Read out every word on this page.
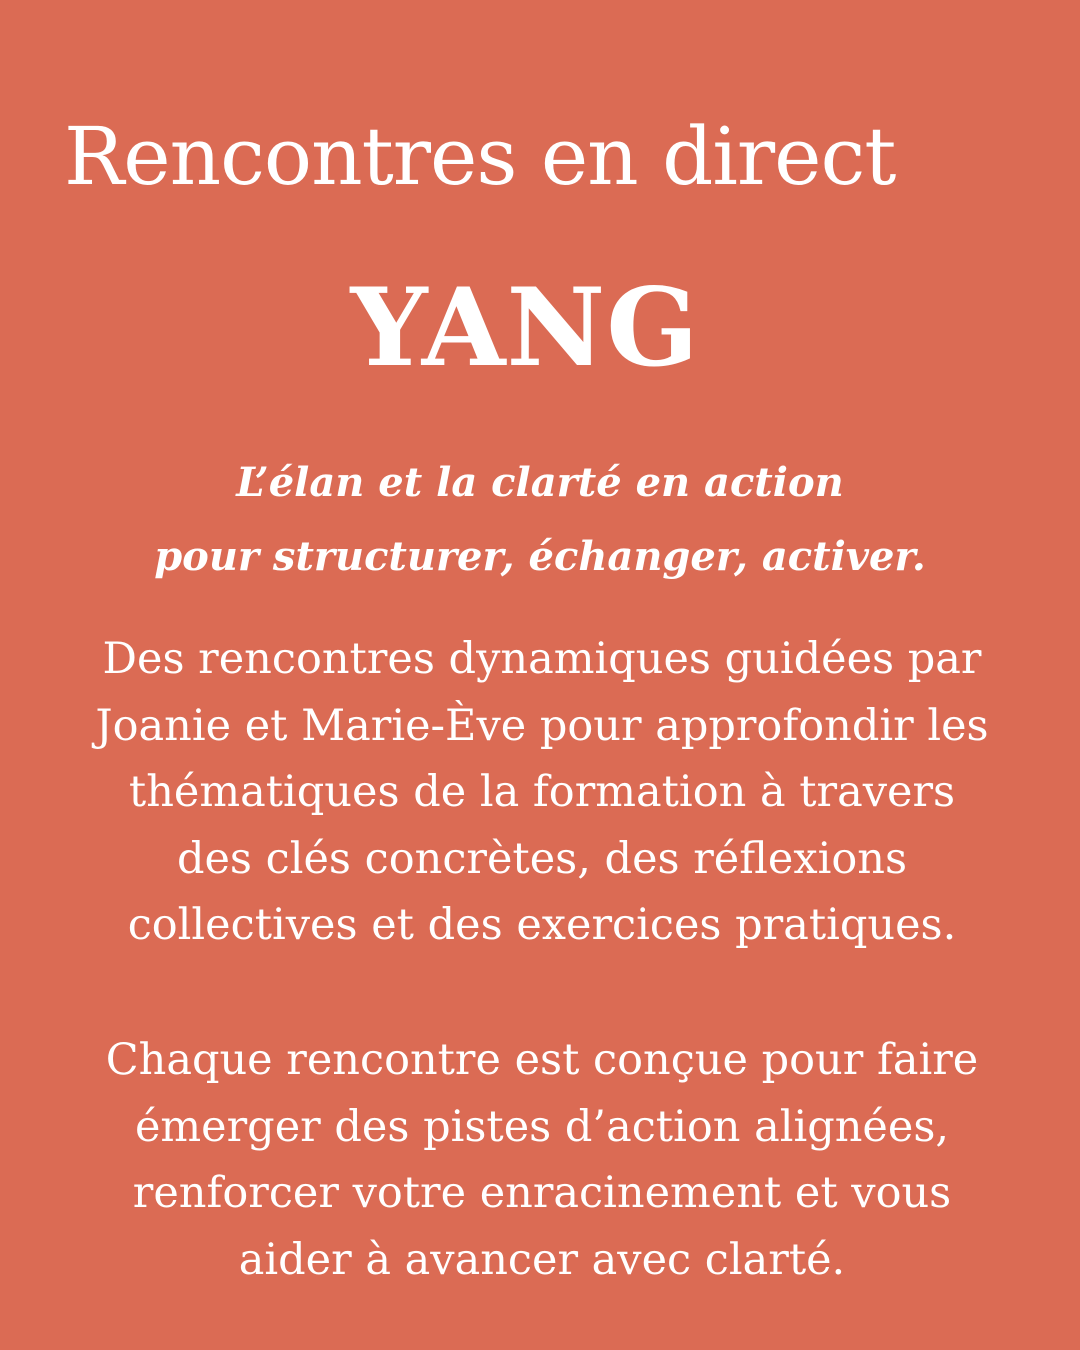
Rencontres en direct
YANG

L’élan et la clarté en action
pour structurer, échanger, activer.

Des rencontres dynamiques guidées par
Joanie et Marie-Ève pour approfondir les
thématiques de la formation à travers
des clés concrètes, des réflexions
collectives et des exercices pratiques.

Chaque rencontre est conçue pour faire
émerger des pistes d’action alignées,
renforcer votre enracinement et vous
aider à avancer avec clarté.
